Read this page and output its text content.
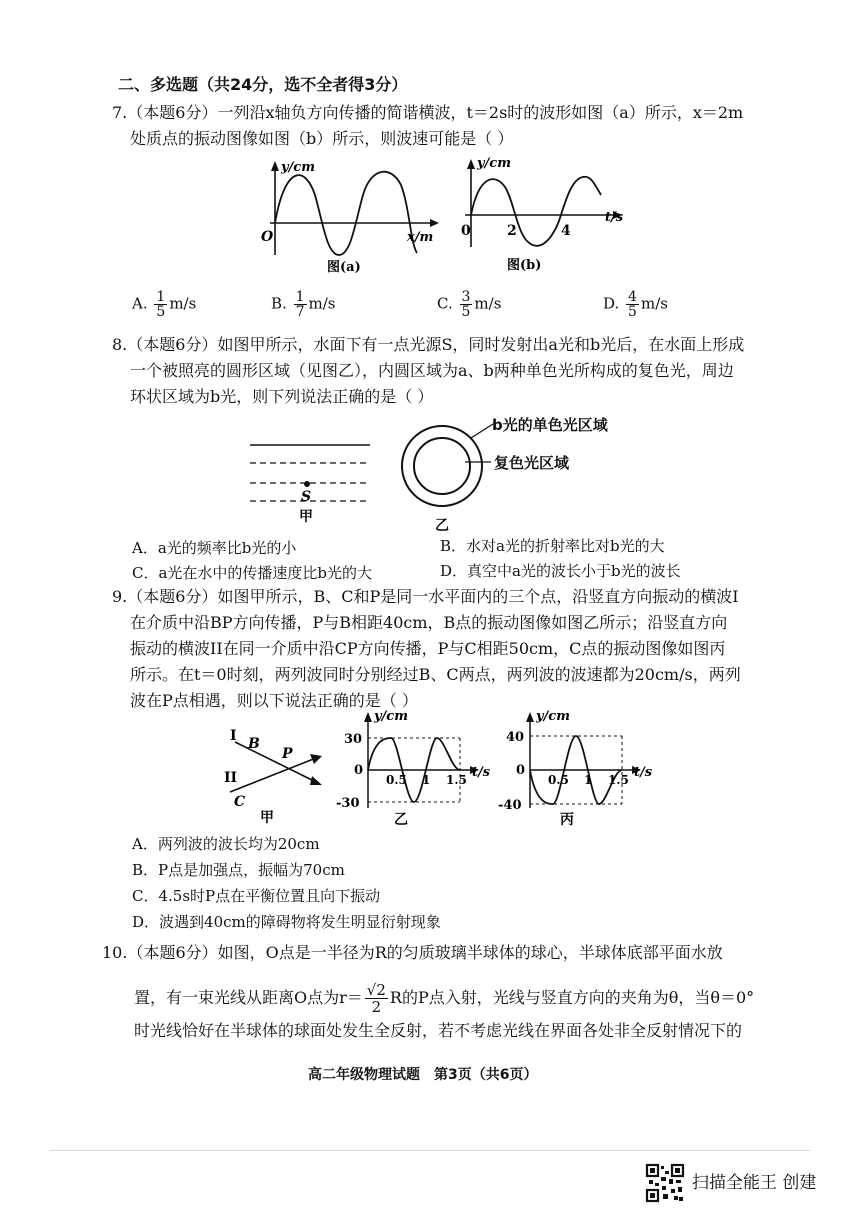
二、多选题（共24分，选不全者得3分）
7.（本题6分）一列沿x轴负方向传播的简谐横波，t＝2s时的波形如图（a）所示，x＝2m
处质点的振动图像如图（b）所示，则波速可能是（ ）
y/cm
x/m
O
图(a)
y/cm
t/s
0	2	4
图(b)
A. $\frac{1}{5} m/s$	B. $\frac{1}{7} m/s$	C. $\frac{3}{5} m/s$	D. $\frac{4}{5} m/s$
8.（本题6分）如图甲所示，水面下有一点光源S，同时发射出a光和b光后，在水面上形成
一个被照亮的圆形区域（见图乙），内圆区域为a、b两种单色光所构成的复色光，周边
环状区域为b光，则下列说法正确的是（ ）
S
甲
乙
b光的单色光区域
复色光区域
A．a光的频率比b光的小	B．水对a光的折射率比对b光的大
C．a光在水中的传播速度比b光的大	D．真空中a光的波长小于b光的波长
9.（本题6分）如图甲所示，B、C和P是同一水平面内的三个点，沿竖直方向振动的横波I
在介质中沿BP方向传播，P与B相距40cm，B点的振动图像如图乙所示；沿竖直方向
振动的横波II在同一介质中沿CP方向传播，P与C相距50cm，C点的振动图像如图丙
所示。在t＝0时刻，两列波同时分别经过B、C两点，两列波的波速都为20cm/s，两列
波在P点相遇，则以下说法正确的是（ ）
I B
P
II
C
甲
y/cm
t/s
30
0
-30
0.5 1 1.5
乙
y/cm
t/s
40
0
-40
0.5 1 1.5
丙
A．两列波的波长均为20cm
B．P点是加强点，振幅为70cm
C．4.5s时P点在平衡位置且向下振动
D．波遇到40cm的障碍物将发生明显衍射现象
10.（本题6分）如图，O点是一半径为R的匀质玻璃半球体的球心，半球体底部平面水放
置，有一束光线从距离O点为$r= \frac{√2}{2}$ R的P点入射，光线与竖直方向的夹角为θ，当θ＝0°
时光线恰好在半球体的球面处发生全反射，若不考虑光线在界面各处非全反射情况下的
高二年级物理试题　第3页（共6页）
扫描全能王 创建
